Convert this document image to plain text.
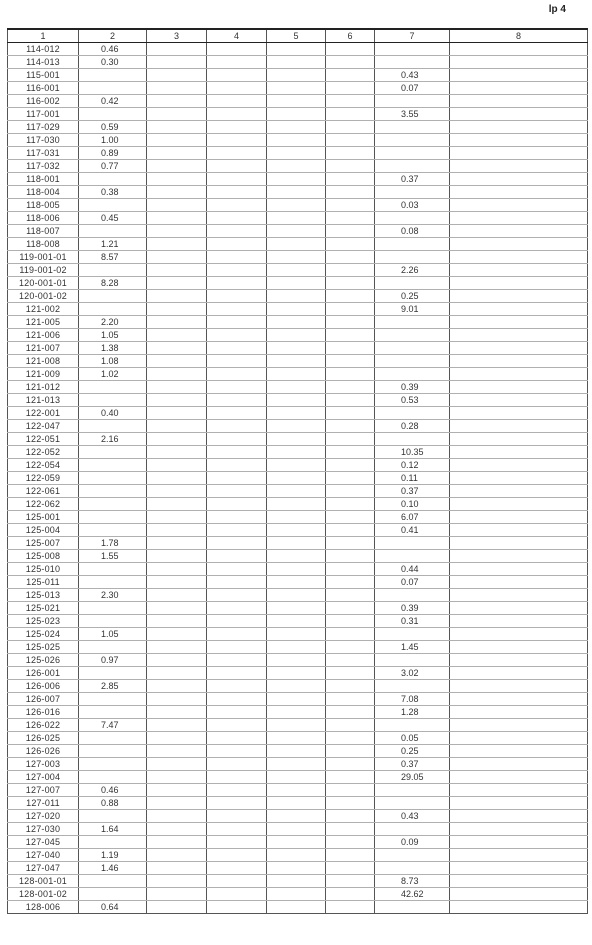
lp 4
1	2	3	4	5	6	7	8
114-012	0.46						
114-013	0.30						
115-001						0.43	
116-001						0.07	
116-002	0.42						
117-001						3.55	
117-029	0.59						
117-030	1.00						
117-031	0.89						
117-032	0.77						
118-001						0.37	
118-004	0.38						
118-005						0.03	
118-006	0.45						
118-007						0.08	
118-008	1.21						
119-001-01	8.57						
119-001-02						2.26	
120-001-01	8.28						
120-001-02						0.25	
121-002						9.01	
121-005	2.20						
121-006	1.05						
121-007	1.38						
121-008	1.08						
121-009	1.02						
121-012						0.39	
121-013						0.53	
122-001	0.40						
122-047						0.28	
122-051	2.16						
122-052						10.35	
122-054						0.12	
122-059						0.11	
122-061						0.37	
122-062						0.10	
125-001						6.07	
125-004						0.41	
125-007	1.78						
125-008	1.55						
125-010						0.44	
125-011						0.07	
125-013	2.30						
125-021						0.39	
125-023						0.31	
125-024	1.05						
125-025						1.45	
125-026	0.97						
126-001						3.02	
126-006	2.85						
126-007						7.08	
126-016						1.28	
126-022	7.47						
126-025						0.05	
126-026						0.25	
127-003						0.37	
127-004						29.05	
127-007	0.46						
127-011	0.88						
127-020						0.43	
127-030	1.64						
127-045						0.09	
127-040	1.19						
127-047	1.46						
128-001-01						8.73	
128-001-02						42.62	
128-006	0.64						
